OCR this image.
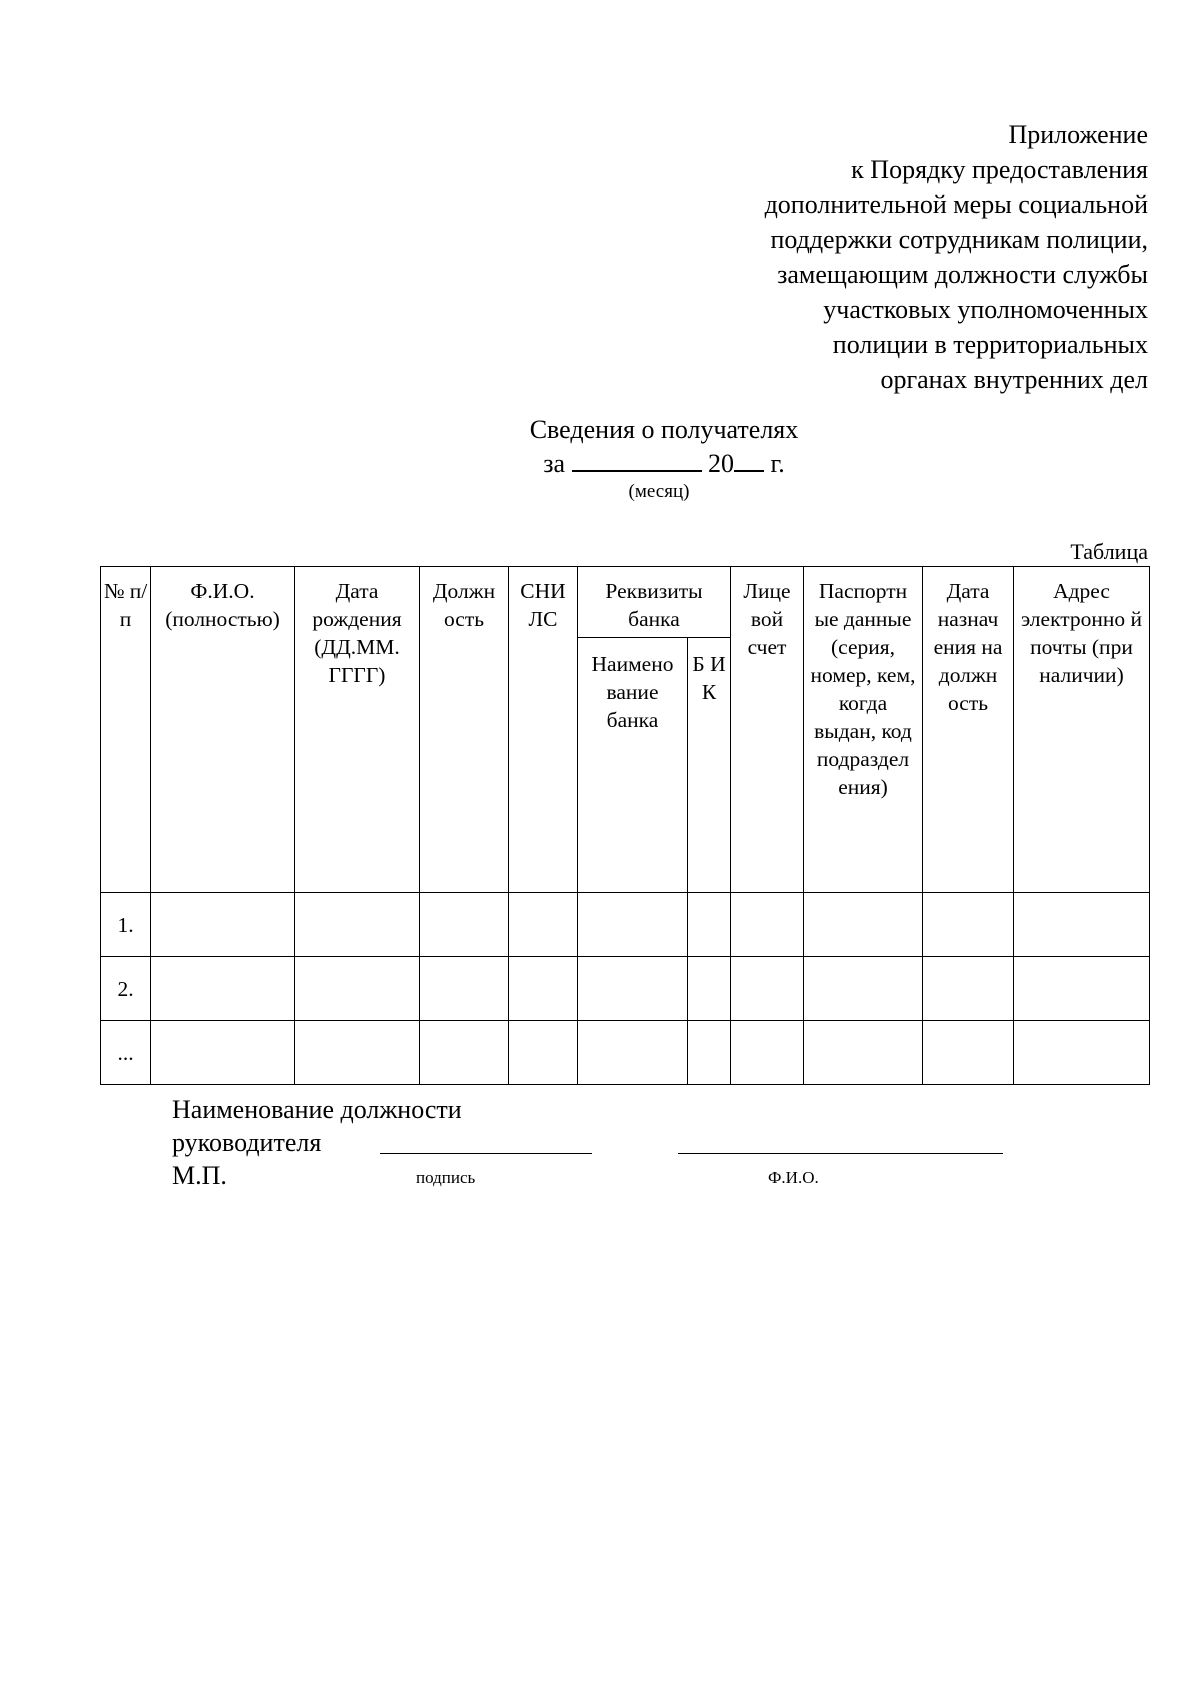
Приложение
к Порядку предоставления
дополнительной меры социальной
поддержки сотрудникам полиции,
замещающим должности службы
участковых уполномоченных
полиции в территориальных
органах внутренних дел
Сведения о получателях
за	20 г.
(месяц)
Таблица
№ п/п	Ф.И.О. (полностью)	Дата рождения (ДД.ММ. ГГГГ)	Должн ость	СНИ ЛС	Реквизиты банка		Лице вой счет	Паспортн ые данные (серия, номер, кем, когда выдан, код подраздел ения)	Дата назнач ения на должн ость	Адрес электронно й почты (при наличии)
					Наимено вание банка	Б И К				
1.										
2.										
...										
Наименование должности
руководителя
М.П.	подпись	Ф.И.О.
